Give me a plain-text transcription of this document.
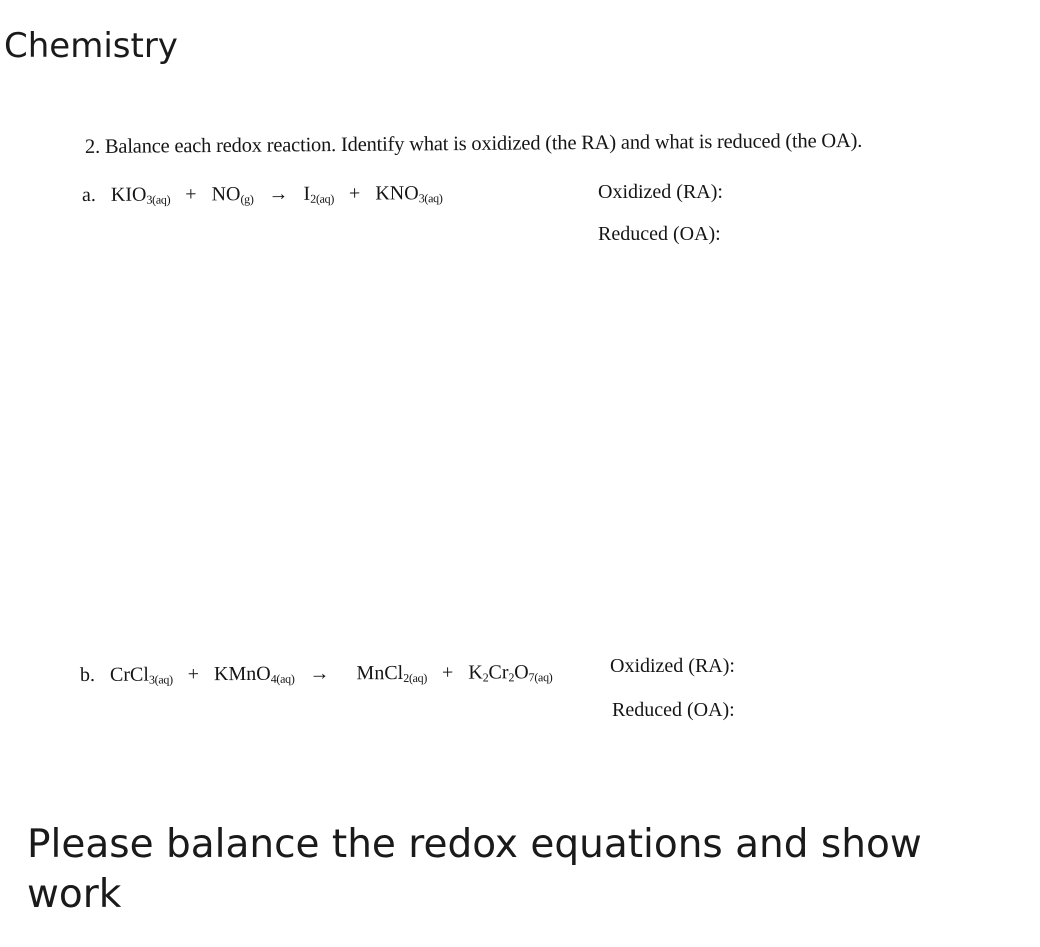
Chemistry
2. Balance each redox reaction. Identify what is oxidized (the RA) and what is reduced (the OA).
a. $KIO_{3(aq)} + NO_{(g)} \to I_{2(aq)} + KNO_{3(aq)}$	Oxidized (RA):
Reduced (OA):
b. CrCl$_{3(aq)}$ + KMnO$_{4(aq)}$ → MnCl$_{2(aq)}$ + $K_2Cr_2O_{7(aq)}$
Oxidized (RA):
Reduced (OA):

Please balance the redox equations and show work
